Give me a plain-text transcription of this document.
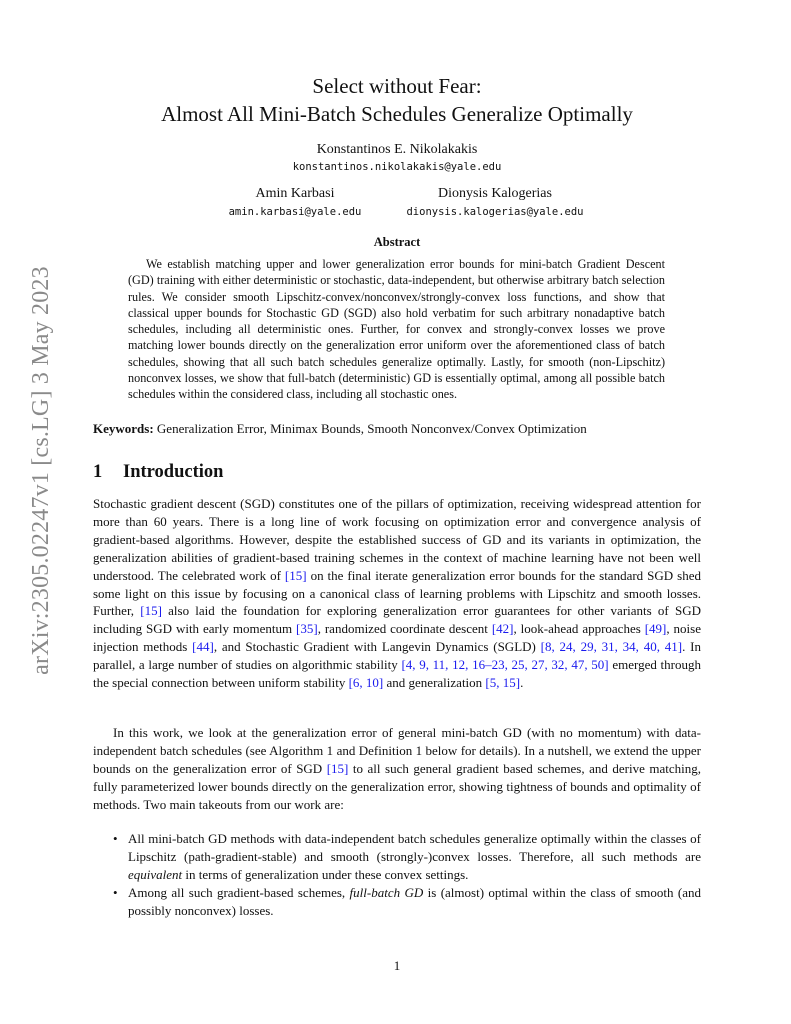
arXiv:2305.02247v1 [cs.LG] 3 May 2023
Select without Fear:
Almost All Mini-Batch Schedules Generalize Optimally
Konstantinos E. Nikolakakis
konstantinos.nikolakakis@yale.edu
Amin Karbasi
amin.karbasi@yale.edu
Dionysis Kalogerias
dionysis.kalogerias@yale.edu
Abstract

We establish matching upper and lower generalization error bounds for mini-batch Gradient Descent (GD) training with either deterministic or stochastic, data-independent, but otherwise arbitrary batch selection rules. We consider smooth Lipschitz-convex/nonconvex/strongly-convex loss functions, and show that classical upper bounds for Stochastic GD (SGD) also hold verbatim for such arbitrary nonadaptive batch schedules, including all deterministic ones. Further, for convex and strongly-convex losses we prove matching lower bounds directly on the generalization error uniform over the aforementioned class of batch schedules, showing that all such batch schedules generalize optimally. Lastly, for smooth (non-Lipschitz) nonconvex losses, we show that full-batch (deterministic) GD is essentially optimal, among all possible batch schedules within the considered class, including all stochastic ones.

Keywords: Generalization Error, Minimax Bounds, Smooth Nonconvex/Convex Optimization
1 Introduction

Stochastic gradient descent (SGD) constitutes one of the pillars of optimization, receiving widespread attention for more than 60 years. There is a long line of work focusing on optimization error and convergence analysis of gradient-based algorithms. However, despite the established success of GD and its variants in optimization, the generalization abilities of gradient-based training schemes in the context of machine learning have not been well understood. The celebrated work of [15] on the final iterate generalization error bounds for the standard SGD shed some light on this issue by focusing on a canonical class of learning problems with Lipschitz and smooth losses. Further, [15] also laid the foundation for exploring generalization error guarantees for other variants of SGD including SGD with early momentum [35], randomized coordinate descent [42], look-ahead approaches [49], noise injection methods [44], and Stochastic Gradient with Langevin Dynamics (SGLD) [8, 24, 29, 31, 34, 40, 41]. In parallel, a large number of studies on algorithmic stability [4, 9, 11, 12, 16–23, 25, 27, 32, 47, 50] emerged through the special connection between uniform stability [6, 10] and generalization [5, 15].

In this work, we look at the generalization error of general mini-batch GD (with no momentum) with data-independent batch schedules (see Algorithm 1 and Definition 1 below for details). In a nutshell, we extend the upper bounds on the generalization error of SGD [15] to all such general gradient based schemes, and derive matching, fully parameterized lower bounds directly on the generalization error, showing tightness of bounds and optimality of methods. Two main takeouts from our work are:

• All mini-batch GD methods with data-independent batch schedules generalize optimally within the classes of Lipschitz (path-gradient-stable) and smooth (strongly-)convex losses. Therefore, all such methods are equivalent in terms of generalization under these convex settings.
• Among all such gradient-based schemes, full-batch GD is (almost) optimal within the class of smooth (and possibly nonconvex) losses.
1
